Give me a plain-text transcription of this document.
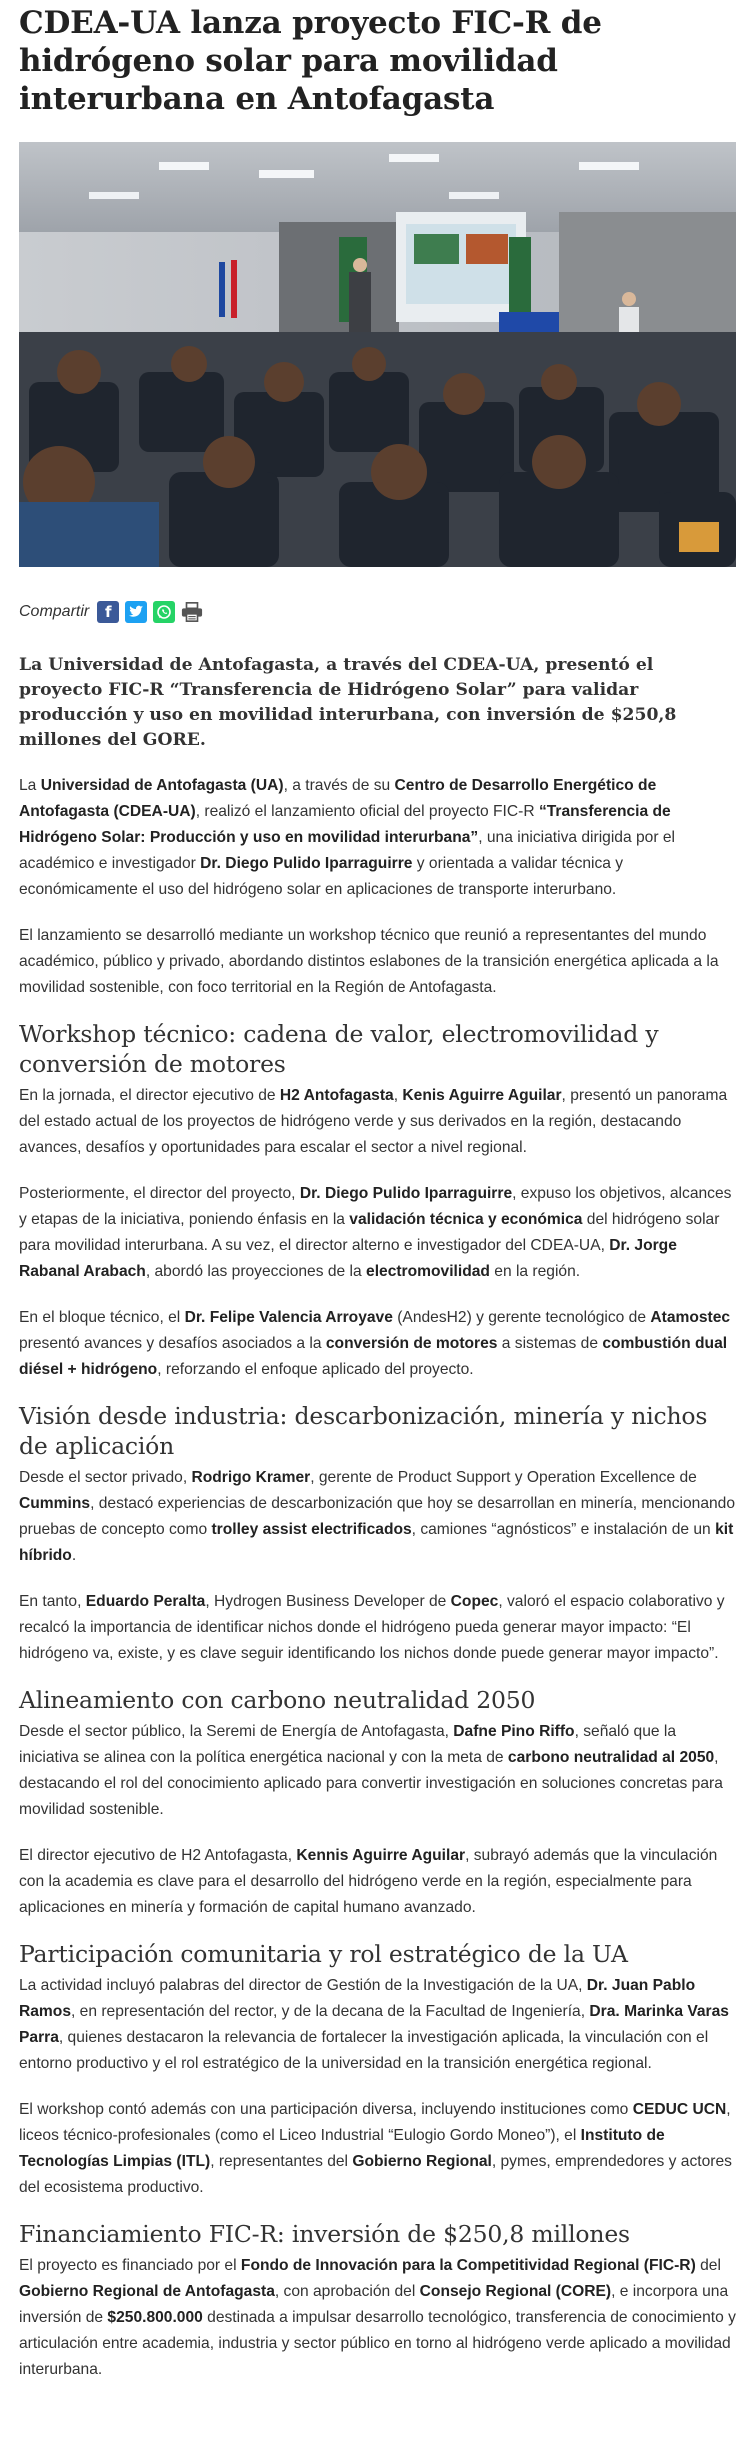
CDEA-UA lanza proyecto FIC-R de hidrógeno solar para movilidad interurbana en Antofagasta
Compartir	f

La Universidad de Antofagasta, a través del CDEA-UA, presentó el proyecto FIC-R “Transferencia de Hidrógeno Solar” para validar producción y uso en movilidad interurbana, con inversión de $250,8 millones del GORE.

La Universidad de Antofagasta (UA), a través de su Centro de Desarrollo Energético de Antofagasta (CDEA-UA), realizó el lanzamiento oficial del proyecto FIC-R “Transferencia de Hidrógeno Solar: Producción y uso en movilidad interurbana”, una iniciativa dirigida por el académico e investigador Dr. Diego Pulido Iparraguirre y orientada a validar técnica y económicamente el uso del hidrógeno solar en aplicaciones de transporte interurbano.

El lanzamiento se desarrolló mediante un workshop técnico que reunió a representantes del mundo académico, público y privado, abordando distintos eslabones de la transición energética aplicada a la movilidad sostenible, con foco territorial en la Región de Antofagasta.

Workshop técnico: cadena de valor, electromovilidad y conversión de motores

En la jornada, el director ejecutivo de H2 Antofagasta, Kenis Aguirre Aguilar, presentó un panorama del estado actual de los proyectos de hidrógeno verde y sus derivados en la región, destacando avances, desafíos y oportunidades para escalar el sector a nivel regional.

Posteriormente, el director del proyecto, Dr. Diego Pulido Iparraguirre, expuso los objetivos, alcances y etapas de la iniciativa, poniendo énfasis en la validación técnica y económica del hidrógeno solar para movilidad interurbana. A su vez, el director alterno e investigador del CDEA-UA, Dr. Jorge Rabanal Arabach, abordó las proyecciones de la electromovilidad en la región.

En el bloque técnico, el Dr. Felipe Valencia Arroyave (AndesH2) y gerente tecnológico de Atamostec presentó avances y desafíos asociados a la conversión de motores a sistemas de combustión dual diésel + hidrógeno, reforzando el enfoque aplicado del proyecto.

Visión desde industria: descarbonización, minería y nichos de aplicación

Desde el sector privado, Rodrigo Kramer, gerente de Product Support y Operation Excellence de Cummins, destacó experiencias de descarbonización que hoy se desarrollan en minería, mencionando pruebas de concepto como trolley assist electrificados, camiones “agnósticos” e instalación de un kit híbrido.

En tanto, Eduardo Peralta, Hydrogen Business Developer de Copec, valoró el espacio colaborativo y recalcó la importancia de identificar nichos donde el hidrógeno pueda generar mayor impacto: “El hidrógeno va, existe, y es clave seguir identificando los nichos donde puede generar mayor impacto”.

Alineamiento con carbono neutralidad 2050

Desde el sector público, la Seremi de Energía de Antofagasta, Dafne Pino Riffo, señaló que la iniciativa se alinea con la política energética nacional y con la meta de carbono neutralidad al 2050, destacando el rol del conocimiento aplicado para convertir investigación en soluciones concretas para movilidad sostenible.

El director ejecutivo de H2 Antofagasta, Kennis Aguirre Aguilar, subrayó además que la vinculación con la academia es clave para el desarrollo del hidrógeno verde en la región, especialmente para aplicaciones en minería y formación de capital humano avanzado.

Participación comunitaria y rol estratégico de la UA

La actividad incluyó palabras del director de Gestión de la Investigación de la UA, Dr. Juan Pablo Ramos, en representación del rector, y de la decana de la Facultad de Ingeniería, Dra. Marinka Varas Parra, quienes destacaron la relevancia de fortalecer la investigación aplicada, la vinculación con el entorno productivo y el rol estratégico de la universidad en la transición energética regional.

El workshop contó además con una participación diversa, incluyendo instituciones como CEDUC UCN, liceos técnico-profesionales (como el Liceo Industrial “Eulogio Gordo Moneo”), el Instituto de Tecnologías Limpias (ITL), representantes del Gobierno Regional, pymes, emprendedores y actores del ecosistema productivo.

Financiamiento FIC-R: inversión de $250,8 millones

El proyecto es financiado por el Fondo de Innovación para la Competitividad Regional (FIC-R) del Gobierno Regional de Antofagasta, con aprobación del Consejo Regional (CORE), e incorpora una inversión de $250.800.000 destinada a impulsar desarrollo tecnológico, transferencia de conocimiento y articulación entre academia, industria y sector público en torno al hidrógeno verde aplicado a movilidad interurbana.
